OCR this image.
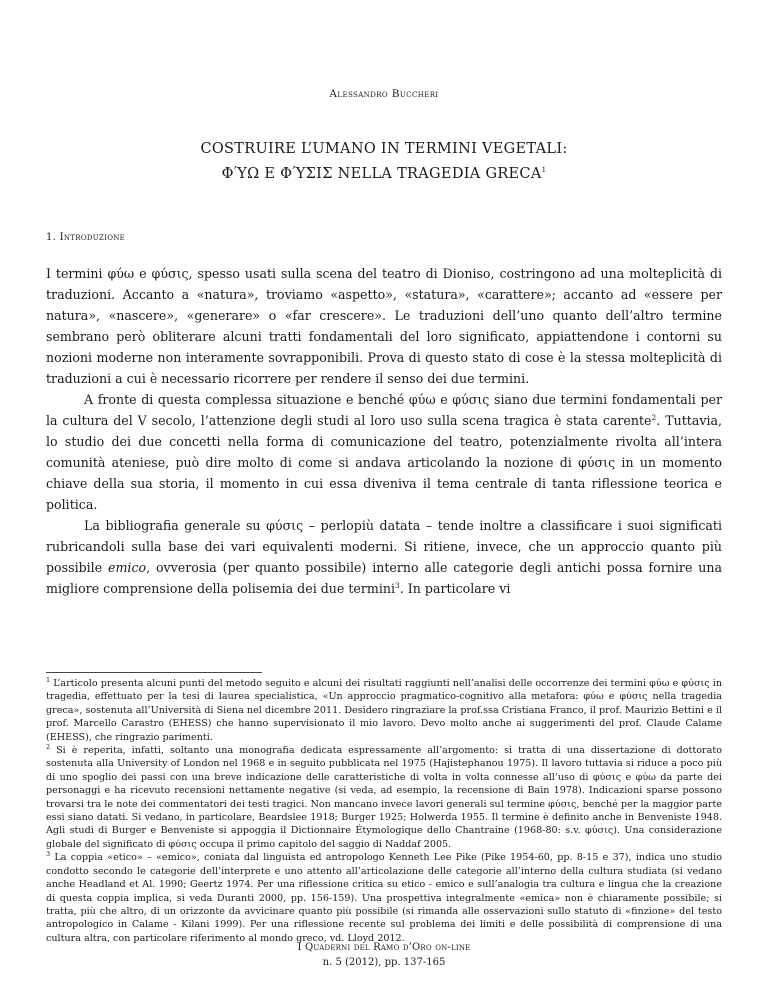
Alessandro Buccheri
COSTRUIRE L’UMANO IN TERMINI VEGETALI:
ΦΎΩ E ΦΎΣΙΣ NELLA TRAGEDIA GRECA$^1$
1. Introduzione

I termini φύω e φύσις, spesso usati sulla scena del teatro di Dioniso, costringono ad una molteplicità di traduzioni. Accanto a «natura», troviamo «aspetto», «statura», «carattere»; accanto ad «essere per natura», «nascere», «generare» o «far crescere». Le traduzioni dell’uno quanto dell’altro termine sembrano però obliterare alcuni tratti fondamentali del loro significato, appiattendone i contorni su nozioni moderne non interamente sovrapponibili. Prova di questo stato di cose è la stessa molteplicità di traduzioni a cui è necessario ricorrere per rendere il senso dei due termini.

A fronte di questa complessa situazione e benché φύω e φύσις siano due termini fondamentali per la cultura del V secolo, l’attenzione degli studi al loro uso sulla scena tragica è stata carente$^2$. Tuttavia, lo studio dei due concetti nella forma di comunicazione del teatro, potenzialmente rivolta all’intera comunità ateniese, può dire molto di come si andava articolando la nozione di φύσις in un momento chiave della sua storia, il momento in cui essa diveniva il tema centrale di tanta riflessione teorica e politica.

La bibliografia generale su φύσις – perlopiù datata – tende inoltre a classificare i suoi significati rubricandoli sulla base dei vari equivalenti moderni. Si ritiene, invece, che un approccio quanto più possibile emico, ovverosia (per quanto possibile) interno alle categorie degli antichi possa fornire una migliore comprensione della polisemia dei due termini$^3$. In particolare vi

$^1$ L’articolo presenta alcuni punti del metodo seguito e alcuni dei risultati raggiunti nell’analisi delle occorrenze dei termini φύω e φύσις in tragedia, effettuato per la tesi di laurea specialistica, «Un approccio pragmatico-cognitivo alla metafora: φύω e φύσις nella tragedia greca», sostenuta all’Università di Siena nel dicembre 2011. Desidero ringraziare la prof.ssa Cristiana Franco, il prof. Maurizio Bettini e il prof. Marcello Carastro (EHESS) che hanno supervisionato il mio lavoro. Devo molto anche ai suggerimenti del prof. Claude Calame (EHESS), che ringrazio parimenti.

$^2$ Si è reperita, infatti, soltanto una monografia dedicata espressamente all’argomento: si tratta di una dissertazione di dottorato sostenuta alla University of London nel 1968 e in seguito pubblicata nel 1975 (Hajistephanou 1975). Il lavoro tuttavia si riduce a poco più di uno spoglio dei passi con una breve indicazione delle caratteristiche di volta in volta connesse all’uso di φύσις e φύω da parte dei personaggi e ha ricevuto recensioni nettamente negative (si veda, ad esempio, la recensione di Bain 1978). Indicazioni sparse possono trovarsi tra le note dei commentatori dei testi tragici. Non mancano invece lavori generali sul termine φύσις, benché per la maggior parte essi siano datati. Si vedano, in particolare, Beardslee 1918; Burger 1925; Holwerda 1955. Il termine è definito anche in Benveniste 1948. Agli studi di Burger e Benveniste si appoggia il Dictionnaire Étymologique dello Chantraine (1968-80: s.v. φύσις). Una considerazione globale del significato di φύσις occupa il primo capitolo del saggio di Naddaf 2005.

$^3$ La coppia «etico» – «emico», coniata dal linguista ed antropologo Kenneth Lee Pike (Pike 1954-60, pp. 8-15 e 37), indica uno studio condotto secondo le categorie dell’interprete e uno attento all’articolazione delle categorie all’interno della cultura studiata (si vedano anche Headland et Al. 1990; Geertz 1974. Per una riflessione critica su etico - emico e sull’analogia tra cultura e lingua che la creazione di questa coppia implica, si veda Duranti 2000, pp. 156-159). Una prospettiva integralmente «emica» non è chiaramente possibile; si tratta, più che altro, di un orizzonte da avvicinare quanto più possibile (si rimanda alle osservazioni sullo statuto di «finzione» del testo antropologico in Calame - Kilani 1999). Per una riflessione recente sul problema dei limiti e delle possibilità di comprensione di una cultura altra, con particolare riferimento al mondo greco, vd. Lloyd 2012.

I Quaderni del Ramo d’Oro on-line
n. 5 (2012), pp. 137-165
